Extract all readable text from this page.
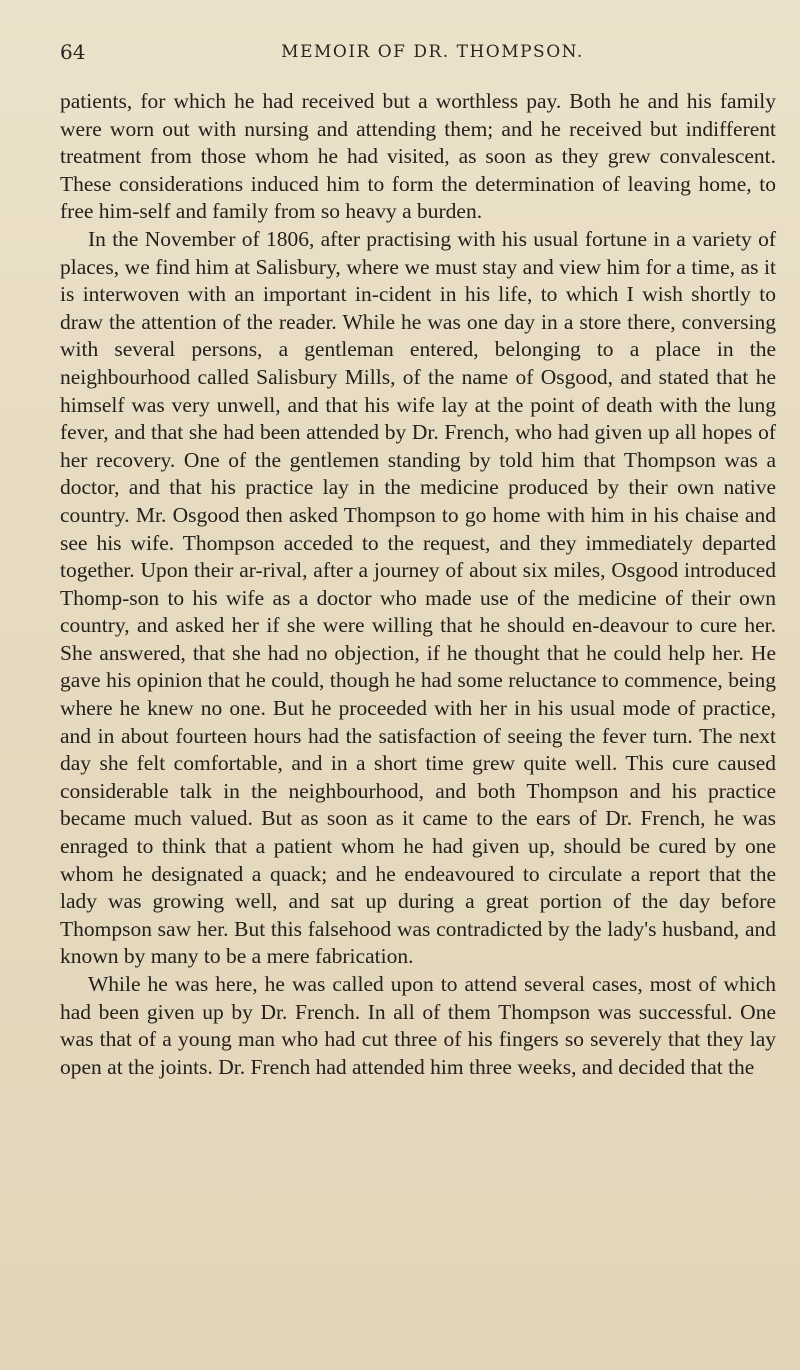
64	MEMOIR OF DR. THOMPSON.

patients, for which he had received but a worthless pay. Both he and his family were worn out with nursing and attending them; and he received but indifferent treatment from those whom he had visited, as soon as they grew convalescent. These considerations induced him to form the determination of leaving home, to free him-self and family from so heavy a burden.

In the November of 1806, after practising with his usual fortune in a variety of places, we find him at Salisbury, where we must stay and view him for a time, as it is interwoven with an important in-cident in his life, to which I wish shortly to draw the attention of the reader. While he was one day in a store there, conversing with several persons, a gentleman entered, belonging to a place in the neighbourhood called Salisbury Mills, of the name of Osgood, and stated that he himself was very unwell, and that his wife lay at the point of death with the lung fever, and that she had been attended by Dr. French, who had given up all hopes of her recovery. One of the gentlemen standing by told him that Thompson was a doctor, and that his practice lay in the medicine produced by their own native country. Mr. Osgood then asked Thompson to go home with him in his chaise and see his wife. Thompson acceded to the request, and they immediately departed together. Upon their ar-rival, after a journey of about six miles, Osgood introduced Thomp-son to his wife as a doctor who made use of the medicine of their own country, and asked her if she were willing that he should en-deavour to cure her. She answered, that she had no objection, if he thought that he could help her. He gave his opinion that he could, though he had some reluctance to commence, being where he knew no one. But he proceeded with her in his usual mode of practice, and in about fourteen hours had the satisfaction of seeing the fever turn. The next day she felt comfortable, and in a short time grew quite well. This cure caused considerable talk in the neighbourhood, and both Thompson and his practice became much valued. But as soon as it came to the ears of Dr. French, he was enraged to think that a patient whom he had given up, should be cured by one whom he designated a quack; and he endeavoured to circulate a report that the lady was growing well, and sat up during a great portion of the day before Thompson saw her. But this falsehood was contradicted by the lady's husband, and known by many to be a mere fabrication.

While he was here, he was called upon to attend several cases, most of which had been given up by Dr. French. In all of them Thompson was successful. One was that of a young man who had cut three of his fingers so severely that they lay open at the joints. Dr. French had attended him three weeks, and decided that the
